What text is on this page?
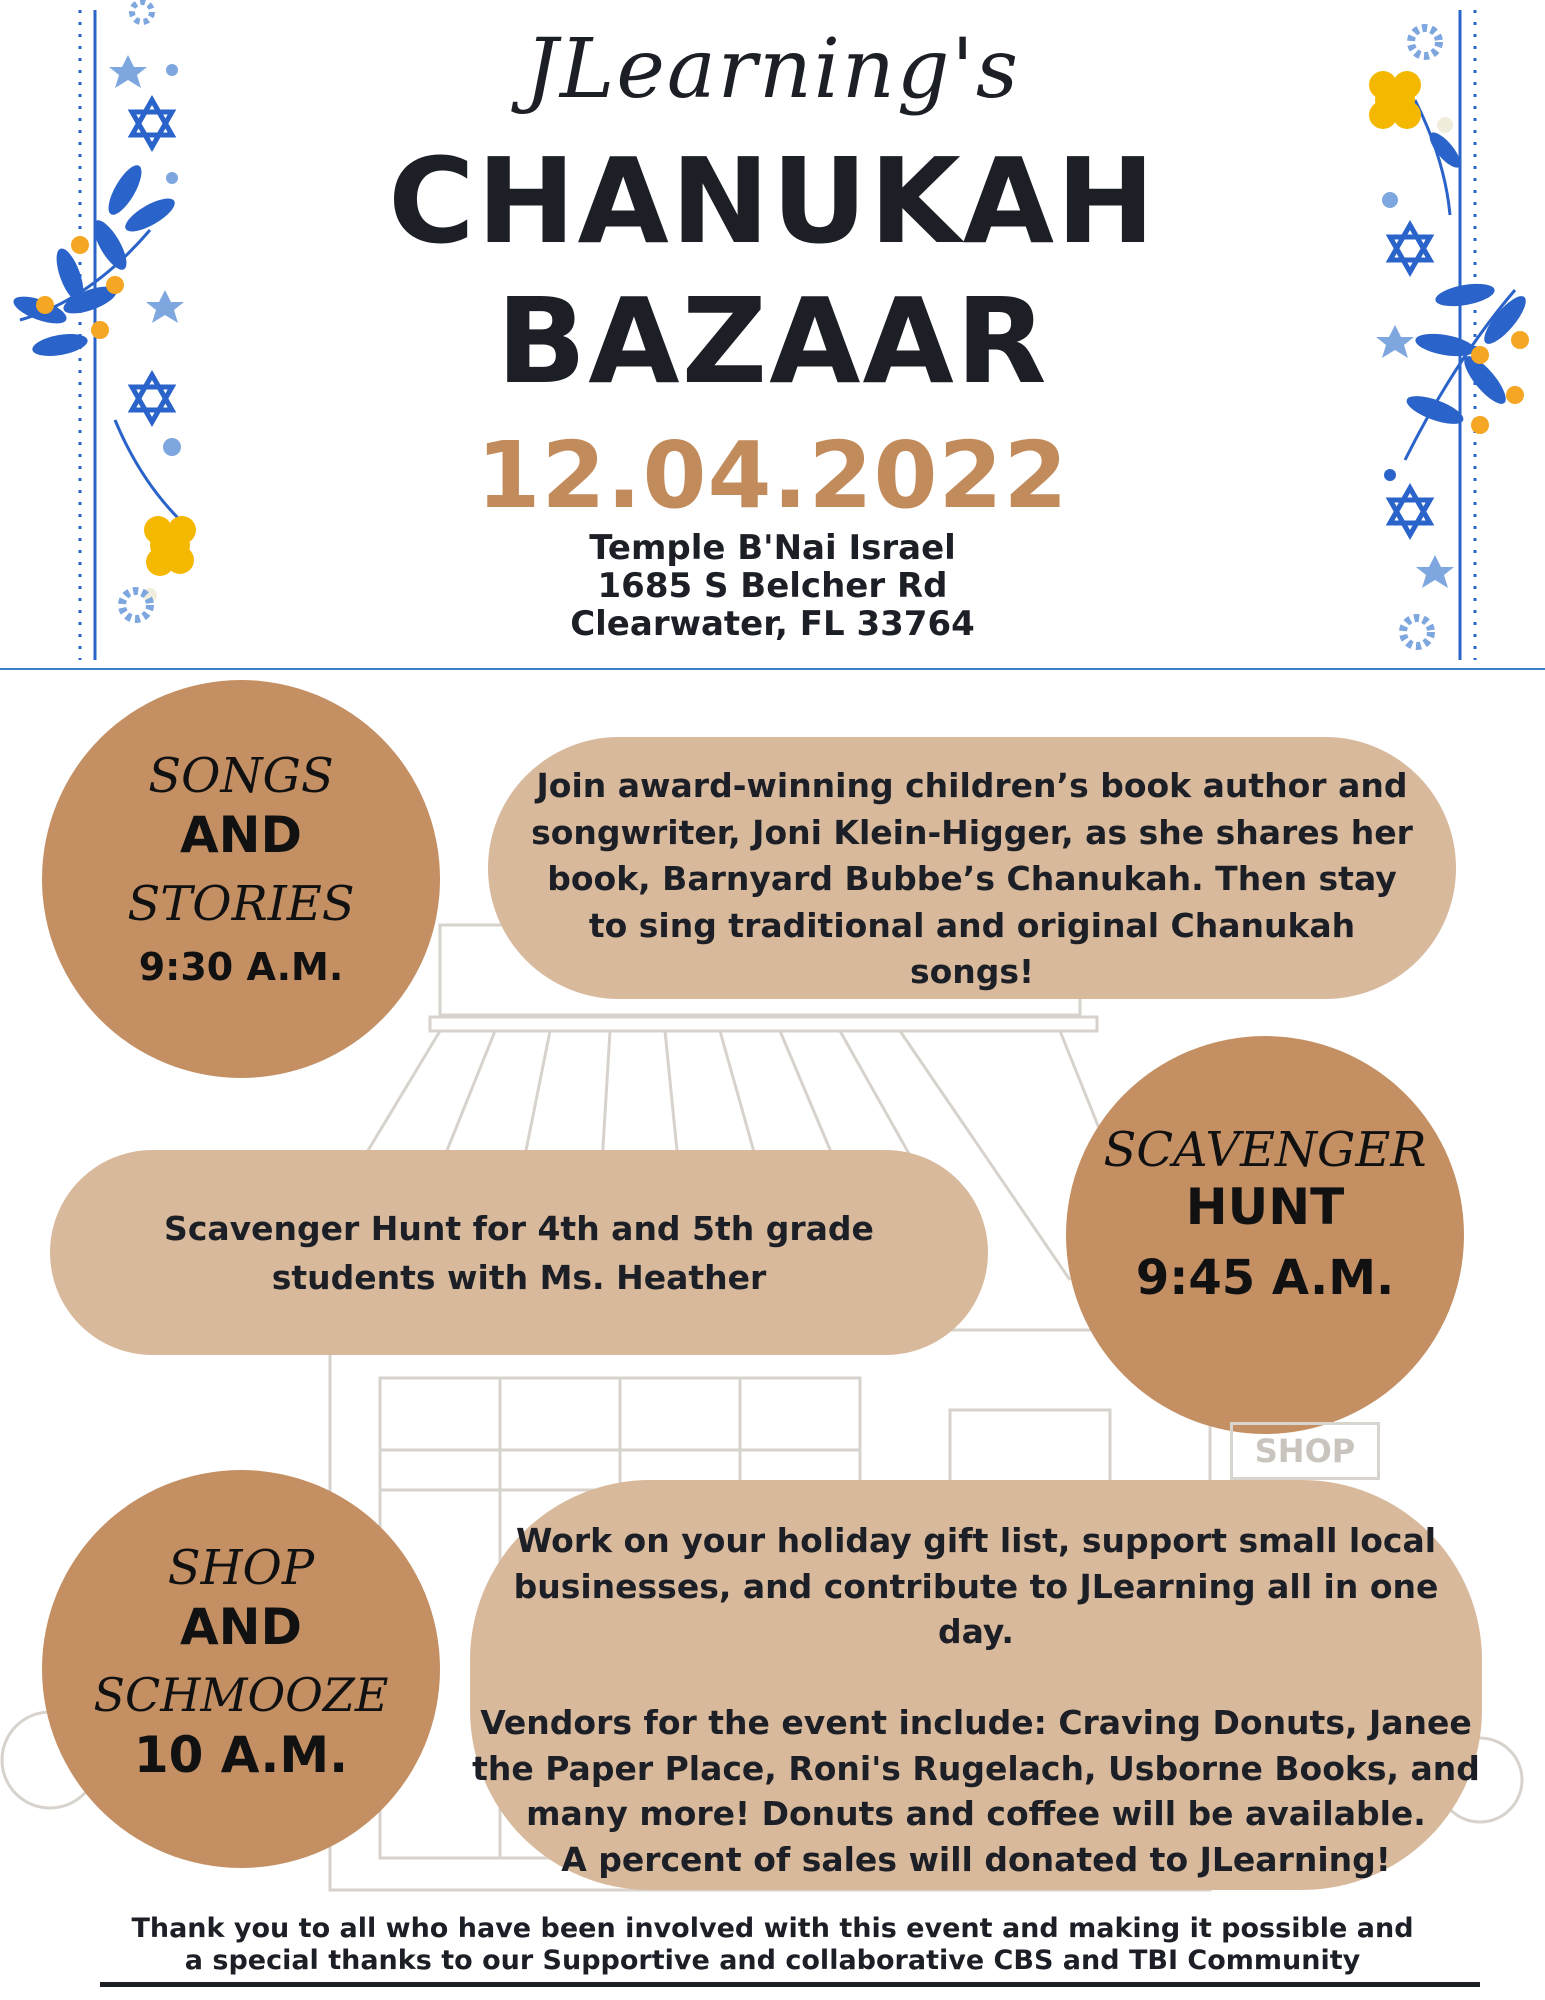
JLearning's
CHANUKAH
BAZAAR
12.04.2022
Temple B'Nai Israel
1685 S Belcher Rd
Clearwater, FL 33764
Join award-winning children’s book author and
songwriter, Joni Klein-Higger, as she shares her
book, Barnyard Bubbe’s Chanukah. Then stay
to sing traditional and original Chanukah
songs!
SONGS
AND
STORIES
9:30 A.M.
Scavenger Hunt for 4th and 5th grade
students with Ms. Heather
SCAVENGER
HUNT
9:45 A.M.
SHOP
Work on your holiday gift list, support small local
businesses, and contribute to JLearning all in one day.
Vendors for the event include: Craving Donuts, Janee
the Paper Place, Roni's Rugelach, Usborne Books, and
many more! Donuts and coffee will be available.
A percent of sales will donated to JLearning!
SHOP
AND
SCHMOOZE
10 A.M.
Thank you to all who have been involved with this event and making it possible and
a special thanks to our Supportive and collaborative CBS and TBI Community
